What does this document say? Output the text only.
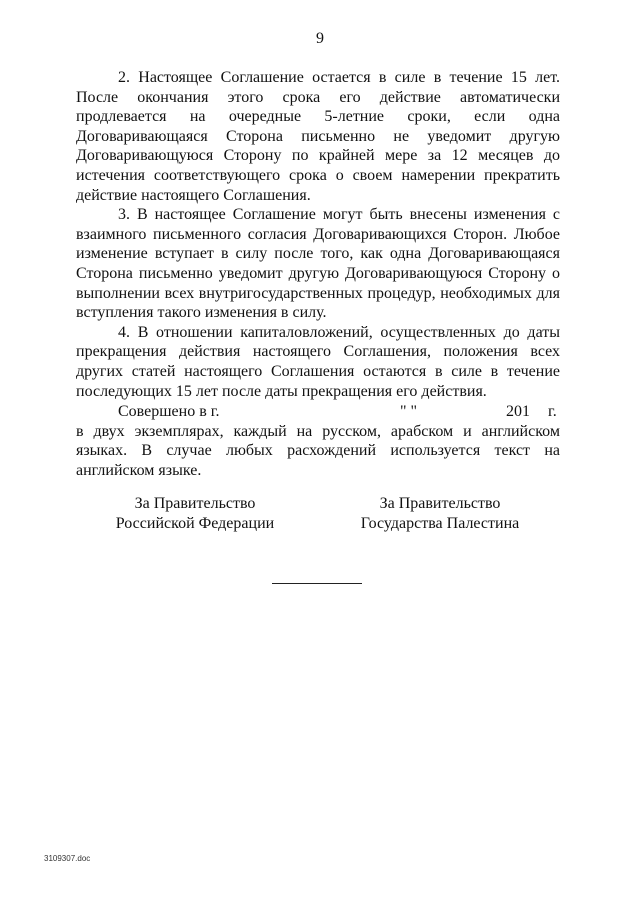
9

2. Настоящее Соглашение остается в силе в течение 15 лет. После окончания этого срока его действие автоматически продлевается на очередные 5-летние сроки, если одна Договаривающаяся Сторона письменно не уведомит другую Договаривающуюся Сторону по крайней мере за 12 месяцев до истечения соответствующего срока о своем намерении прекратить действие настоящего Соглашения.

3. В настоящее Соглашение могут быть внесены изменения с взаимного письменного согласия Договаривающихся Сторон. Любое изменение вступает в силу после того, как одна Договаривающаяся Сторона письменно уведомит другую Договаривающуюся Сторону о выполнении всех внутригосударственных процедур, необходимых для вступления такого изменения в силу.

4. В отношении капиталовложений, осуществленных до даты прекращения действия настоящего Соглашения, положения всех других статей настоящего Соглашения остаются в силе в течение последующих 15 лет после даты прекращения его действия.

Совершено в г.	" "	201 г.

в двух экземплярах, каждый на русском, арабском и английском языках. В случае любых расхождений используется текст на английском языке.

За Правительство
Российской Федерации
За Правительство
Государства Палестина
3109307.doc
